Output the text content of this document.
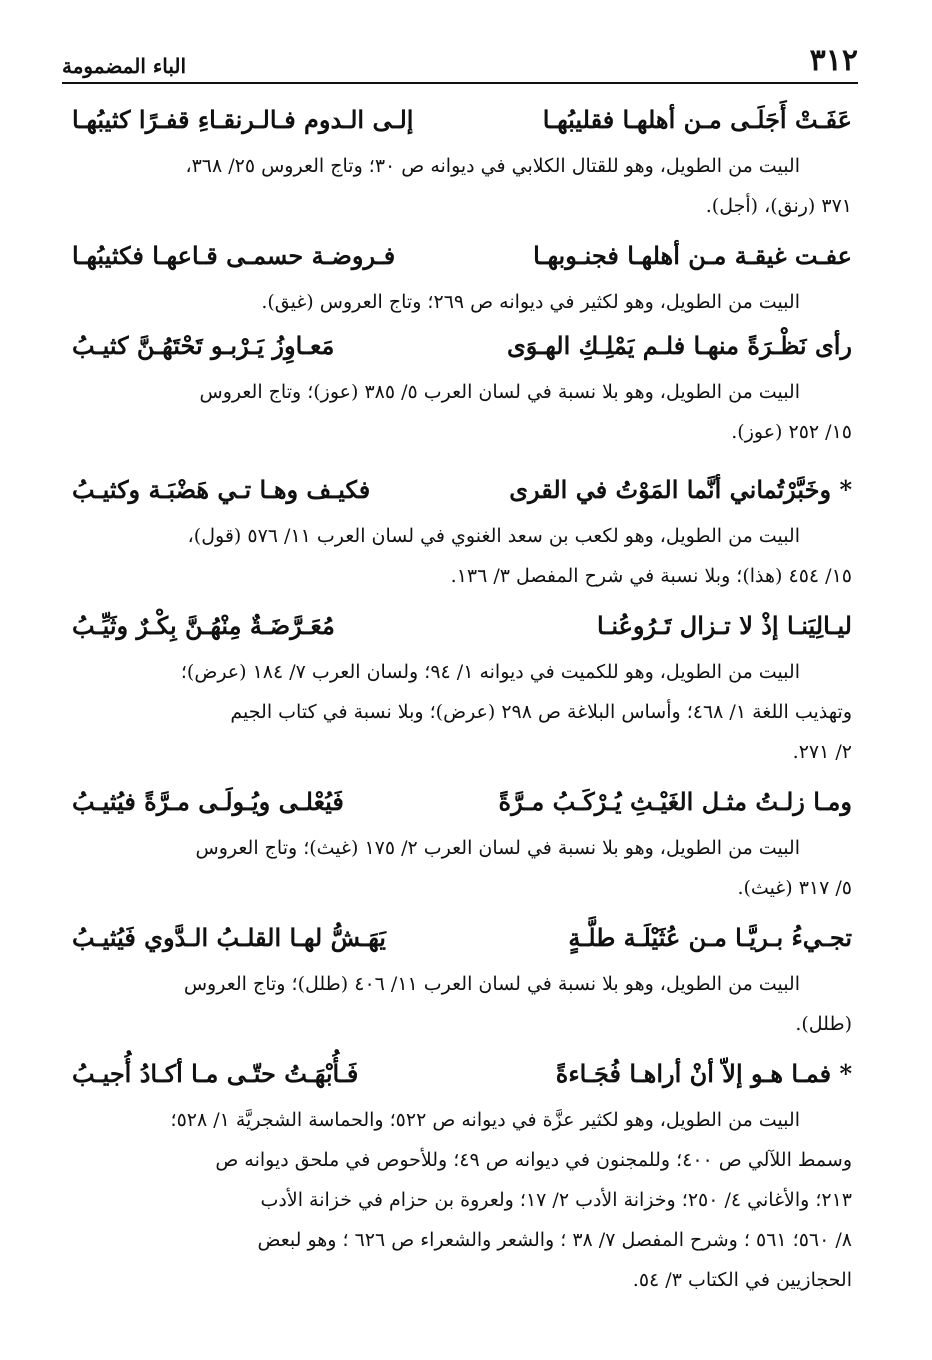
٣١٢
الباء المضمومة
عَفَـتْ أَجَلَـى مـن أهلهـا فقليبُهـا
إلـى الـدوم فـالـرنقـاءِ قفـرًا كثيبُهـا
البيت من الطويل، وهو للقتال الكلابي في ديوانه ص ٣٠؛ وتاج العروس ٢٥/ ٣٦٨،
٣٧١ (رنق)، (أجل).
عفـت غيقـة مـن أهلهـا فجنـوبهـا
فـروضـة حسمـى قـاعهـا فكثيبُهـا
البيت من الطويل، وهو لكثير في ديوانه ص ٢٦٩؛ وتاج العروس (غيق).
رأى نَظْـرَةً منهـا فلـم يَمْلِـكِ الهـوَى
مَعـاوِزُ يَـرْبـو تَحْتَهُـنَّ كثيـبُ
البيت من الطويل، وهو بلا نسبة في لسان العرب ٥/ ٣٨٥ (عوز)؛ وتاج العروس
١٥/ ٢٥٢ (عوز).
* وخَبَّرْتُماني أنَّما المَوْتُ في القرى
فكيـف وهـا تـي هَضْبَـة وكثيـبُ
البيت من الطويل، وهو لكعب بن سعد الغنوي في لسان العرب ١١/ ٥٧٦ (قول)،
١٥/ ٤٥٤ (هذا)؛ وبلا نسبة في شرح المفصل ٣/ ١٣٦.
ليـالِيَنـا إذْ لا تـزال تَـرُوعُنـا
مُعَـرَّضَـةٌ مِنْهُـنَّ بِكْـرٌ وثَيِّـبُ
البيت من الطويل، وهو للكميت في ديوانه ١/ ٩٤؛ ولسان العرب ٧/ ١٨٤ (عرض)؛
وتهذيب اللغة ١/ ٤٦٨؛ وأساس البلاغة ص ٢٩٨ (عرض)؛ وبلا نسبة في كتاب الجيم
٢/ ٢٧١.
ومـا زلـتُ مثـل الغَيْـثِ يُـرْكَـبُ مـرَّةً
فَيُعْلـى ويُـولَـى مـرَّةً فيُثيـبُ
البيت من الطويل، وهو بلا نسبة في لسان العرب ٢/ ١٧٥ (غيث)؛ وتاج العروس
٥/ ٣١٧ (غيث).
تجـيءُ بـريَّـا مـن عُثَيْلَـة طلَّـةٍ
يَهَـشُّ لهـا القلـبُ الـدَّوي فَيُثيـبُ
البيت من الطويل، وهو بلا نسبة في لسان العرب ١١/ ٤٠٦ (طلل)؛ وتاج العروس
(طلل).
* فمـا هـو إلاّ أنْ أراهـا فُجَـاءةً
فَـأُبْهَـتُ حتّـى مـا أكـادُ أُجيـبُ
البيت من الطويل، وهو لكثير عزَّة في ديوانه ص ٥٢٢؛ والحماسة الشجريَّة ١/ ٥٢٨؛
وسمط اللآلي ص ٤٠٠؛ وللمجنون في ديوانه ص ٤٩؛ وللأحوص في ملحق ديوانه ص
٢١٣؛ والأغاني ٤/ ٢٥٠؛ وخزانة الأدب ٢/ ١٧؛ ولعروة بن حزام في خزانة الأدب
٨/ ٥٦٠؛ ٥٦١ ؛ وشرح المفصل ٧/ ٣٨ ؛ والشعر والشعراء ص ٦٢٦ ؛ وهو لبعض
الحجازيين في الكتاب ٣/ ٥٤.
